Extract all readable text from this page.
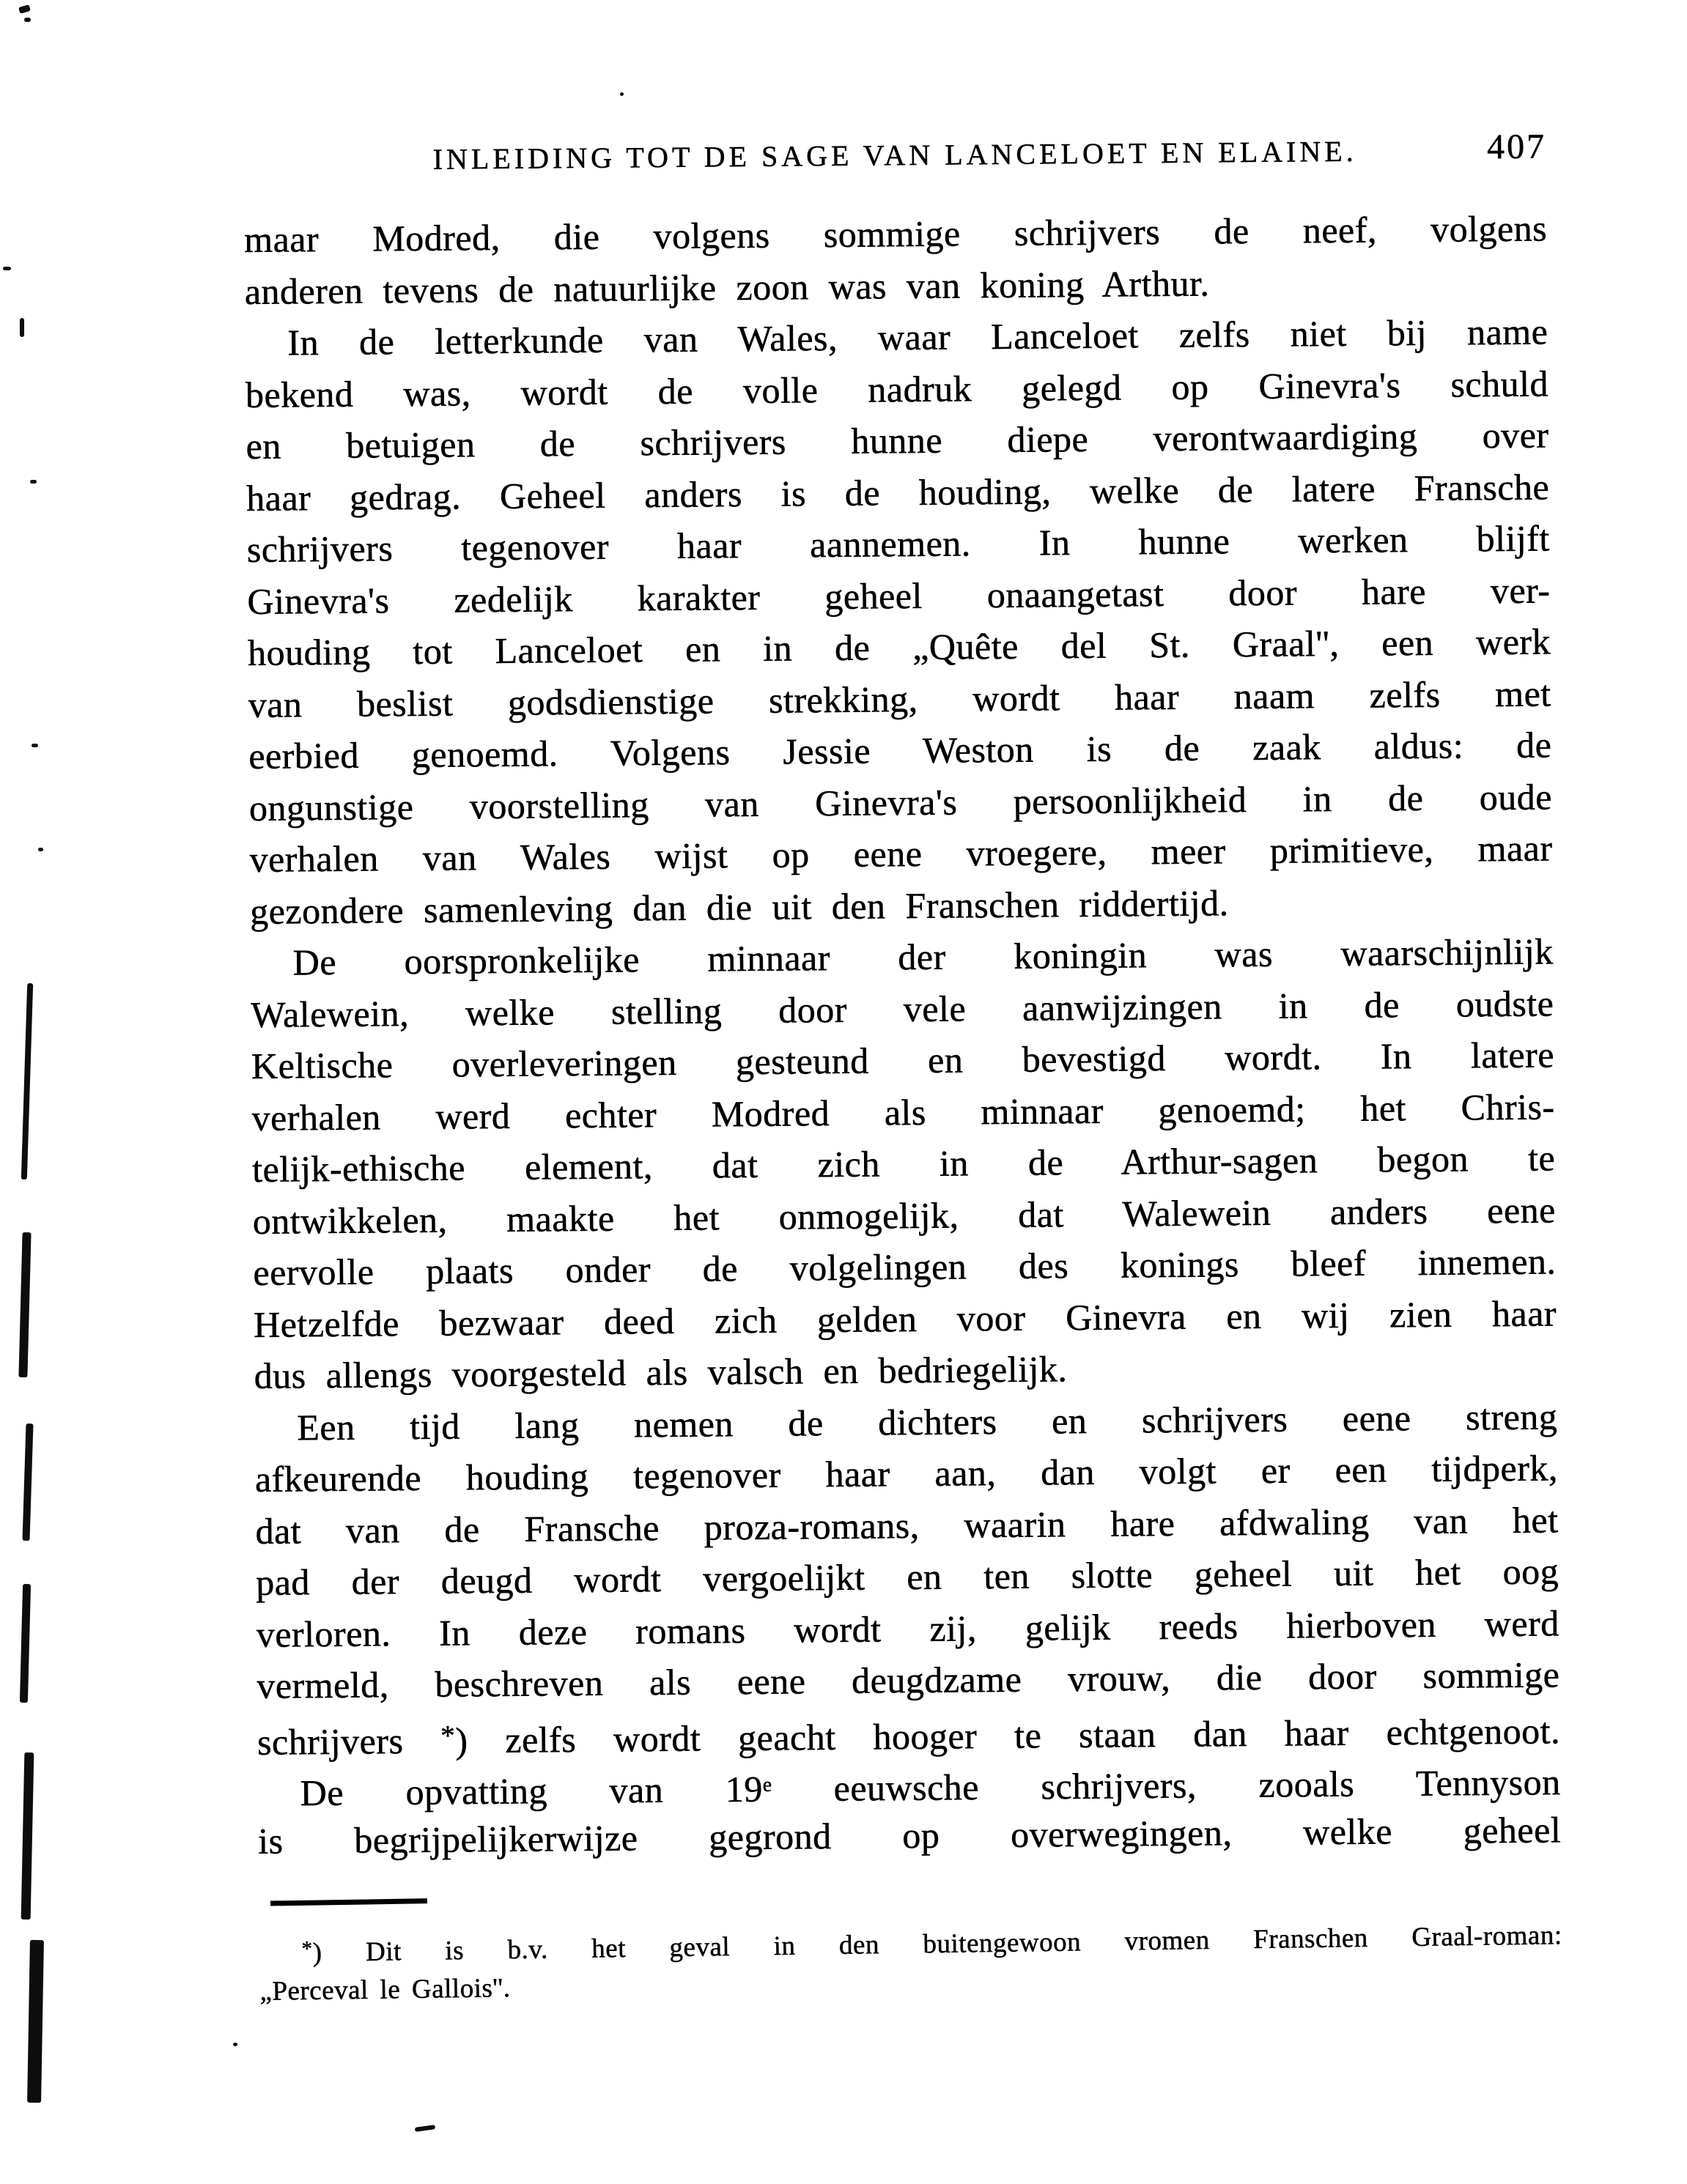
INLEIDING TOT DE SAGE VAN LANCELOET EN ELAINE.	407
maar Modred, die volgens sommige schrijvers de neef, volgens
anderen tevens de natuurlijke zoon was van koning Arthur.
In de letterkunde van Wales, waar Lanceloet zelfs niet bij name
bekend was, wordt de volle nadruk gelegd op Ginevra's schuld
en betuigen de schrijvers hunne diepe verontwaardiging over
haar gedrag. Geheel anders is de houding, welke de latere Fransche
schrijvers tegenover haar aannemen. In hunne werken blijft
Ginevra's zedelijk karakter geheel onaangetast door hare ver-
houding tot Lanceloet en in de „Quête del St. Graal'', een werk
van beslist godsdienstige strekking, wordt haar naam zelfs met
eerbied genoemd. Volgens Jessie Weston is de zaak aldus: de
ongunstige voorstelling van Ginevra's persoonlijkheid in de oude
verhalen van Wales wijst op eene vroegere, meer primitieve, maar
gezondere samenleving dan die uit den Franschen riddertijd.
De oorspronkelijke minnaar der koningin was waarschijnlijk
Walewein, welke stelling door vele aanwijzingen in de oudste
Keltische overleveringen gesteund en bevestigd wordt. In latere
verhalen werd echter Modred als minnaar genoemd; het Chris-
telijk-ethische element, dat zich in de Arthur-sagen begon te
ontwikkelen, maakte het onmogelijk, dat Walewein anders eene
eervolle plaats onder de volgelingen des konings bleef innemen.
Hetzelfde bezwaar deed zich gelden voor Ginevra en wij zien haar
dus allengs voorgesteld als valsch en bedriegelijk.
Een tijd lang nemen de dichters en schrijvers eene streng
afkeurende houding tegenover haar aan, dan volgt er een tijdperk,
dat van de Fransche proza-romans, waarin hare afdwaling van het
pad der deugd wordt vergoelijkt en ten slotte geheel uit het oog
verloren. In deze romans wordt zij, gelijk reeds hierboven werd
vermeld, beschreven als eene deugdzame vrouw, die door sommige
schrijvers *) zelfs wordt geacht hooger te staan dan haar echtgenoot.
De opvatting van 19e eeuwsche schrijvers, zooals Tennyson
is begrijpelijkerwijze gegrond op overwegingen, welke geheel
*) Dit is b.v. het geval in den buitengewoon vromen Franschen Graal-roman:
„Perceval le Gallois''.
